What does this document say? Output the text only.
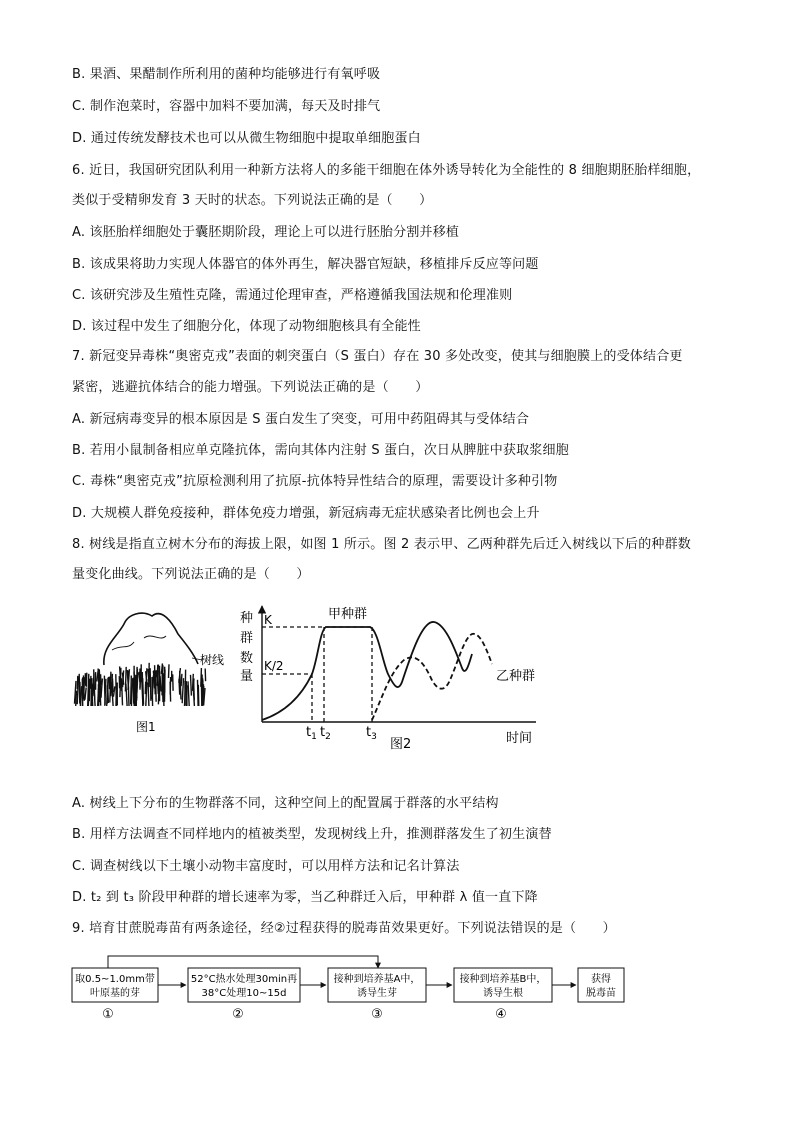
B. 果酒、果醋制作所利用的菌种均能够进行有氧呼吸
C. 制作泡菜时，容器中加料不要加满，每天及时排气
D. 通过传统发酵技术也可以从微生物细胞中提取单细胞蛋白
6. 近日，我国研究团队利用一种新方法将人的多能干细胞在体外诱导转化为全能性的 8 细胞期胚胎样细胞，
类似于受精卵发育 3 天时的状态。下列说法正确的是（　　）
A. 该胚胎样细胞处于囊胚期阶段，理论上可以进行胚胎分割并移植
B. 该成果将助力实现人体器官的体外再生，解决器官短缺，移植排斥反应等问题
C. 该研究涉及生殖性克隆，需通过伦理审查，严格遵循我国法规和伦理准则
D. 该过程中发生了细胞分化，体现了动物细胞核具有全能性
7. 新冠变异毒株“奥密克戎”表面的刺突蛋白（S 蛋白）存在 30 多处改变，使其与细胞膜上的受体结合更
紧密，逃避抗体结合的能力增强。下列说法正确的是（　　）
A. 新冠病毒变异的根本原因是 S 蛋白发生了突变，可用中药阻碍其与受体结合
B. 若用小鼠制备相应单克隆抗体，需向其体内注射 S 蛋白，次日从脾脏中获取浆细胞
C. 毒株“奥密克戎”抗原检测利用了抗原-抗体特异性结合的原理，需要设计多种引物
D. 大规模人群免疫接种，群体免疫力增强，新冠病毒无症状感染者比例也会上升
8. 树线是指直立树木分布的海拔上限，如图 1 所示。图 2 表示甲、乙两种群先后迁入树线以下后的种群数
量变化曲线。下列说法正确的是（　　）
树线
图1
种
群
数
量
K
K/2
甲种群
乙种群
$t_1$ $t_2$	$t_3$ 图2	时间
A. 树线上下分布的生物群落不同，这种空间上的配置属于群落的水平结构
B. 用样方法调查不同样地内的植被类型，发现树线上升，推测群落发生了初生演替
C. 调查树线以下土壤小动物丰富度时，可以用样方法和记名计算法
D. t₂ 到 t₃ 阶段甲种群的增长速率为零，当乙种群迁入后，甲种群 λ 值一直下降
9. 培育甘蔗脱毒苗有两条途径，经②过程获得的脱毒苗效果更好。下列说法错误的是（　　）
取0.5~1.0mm带
叶原基的芽
52°C热水处理30min再
38°C处理10~15d
接种到培养基A中，
诱导生芽
接种到培养基B中，
诱导生根
获得
脱毒苗
①	②	③	④
